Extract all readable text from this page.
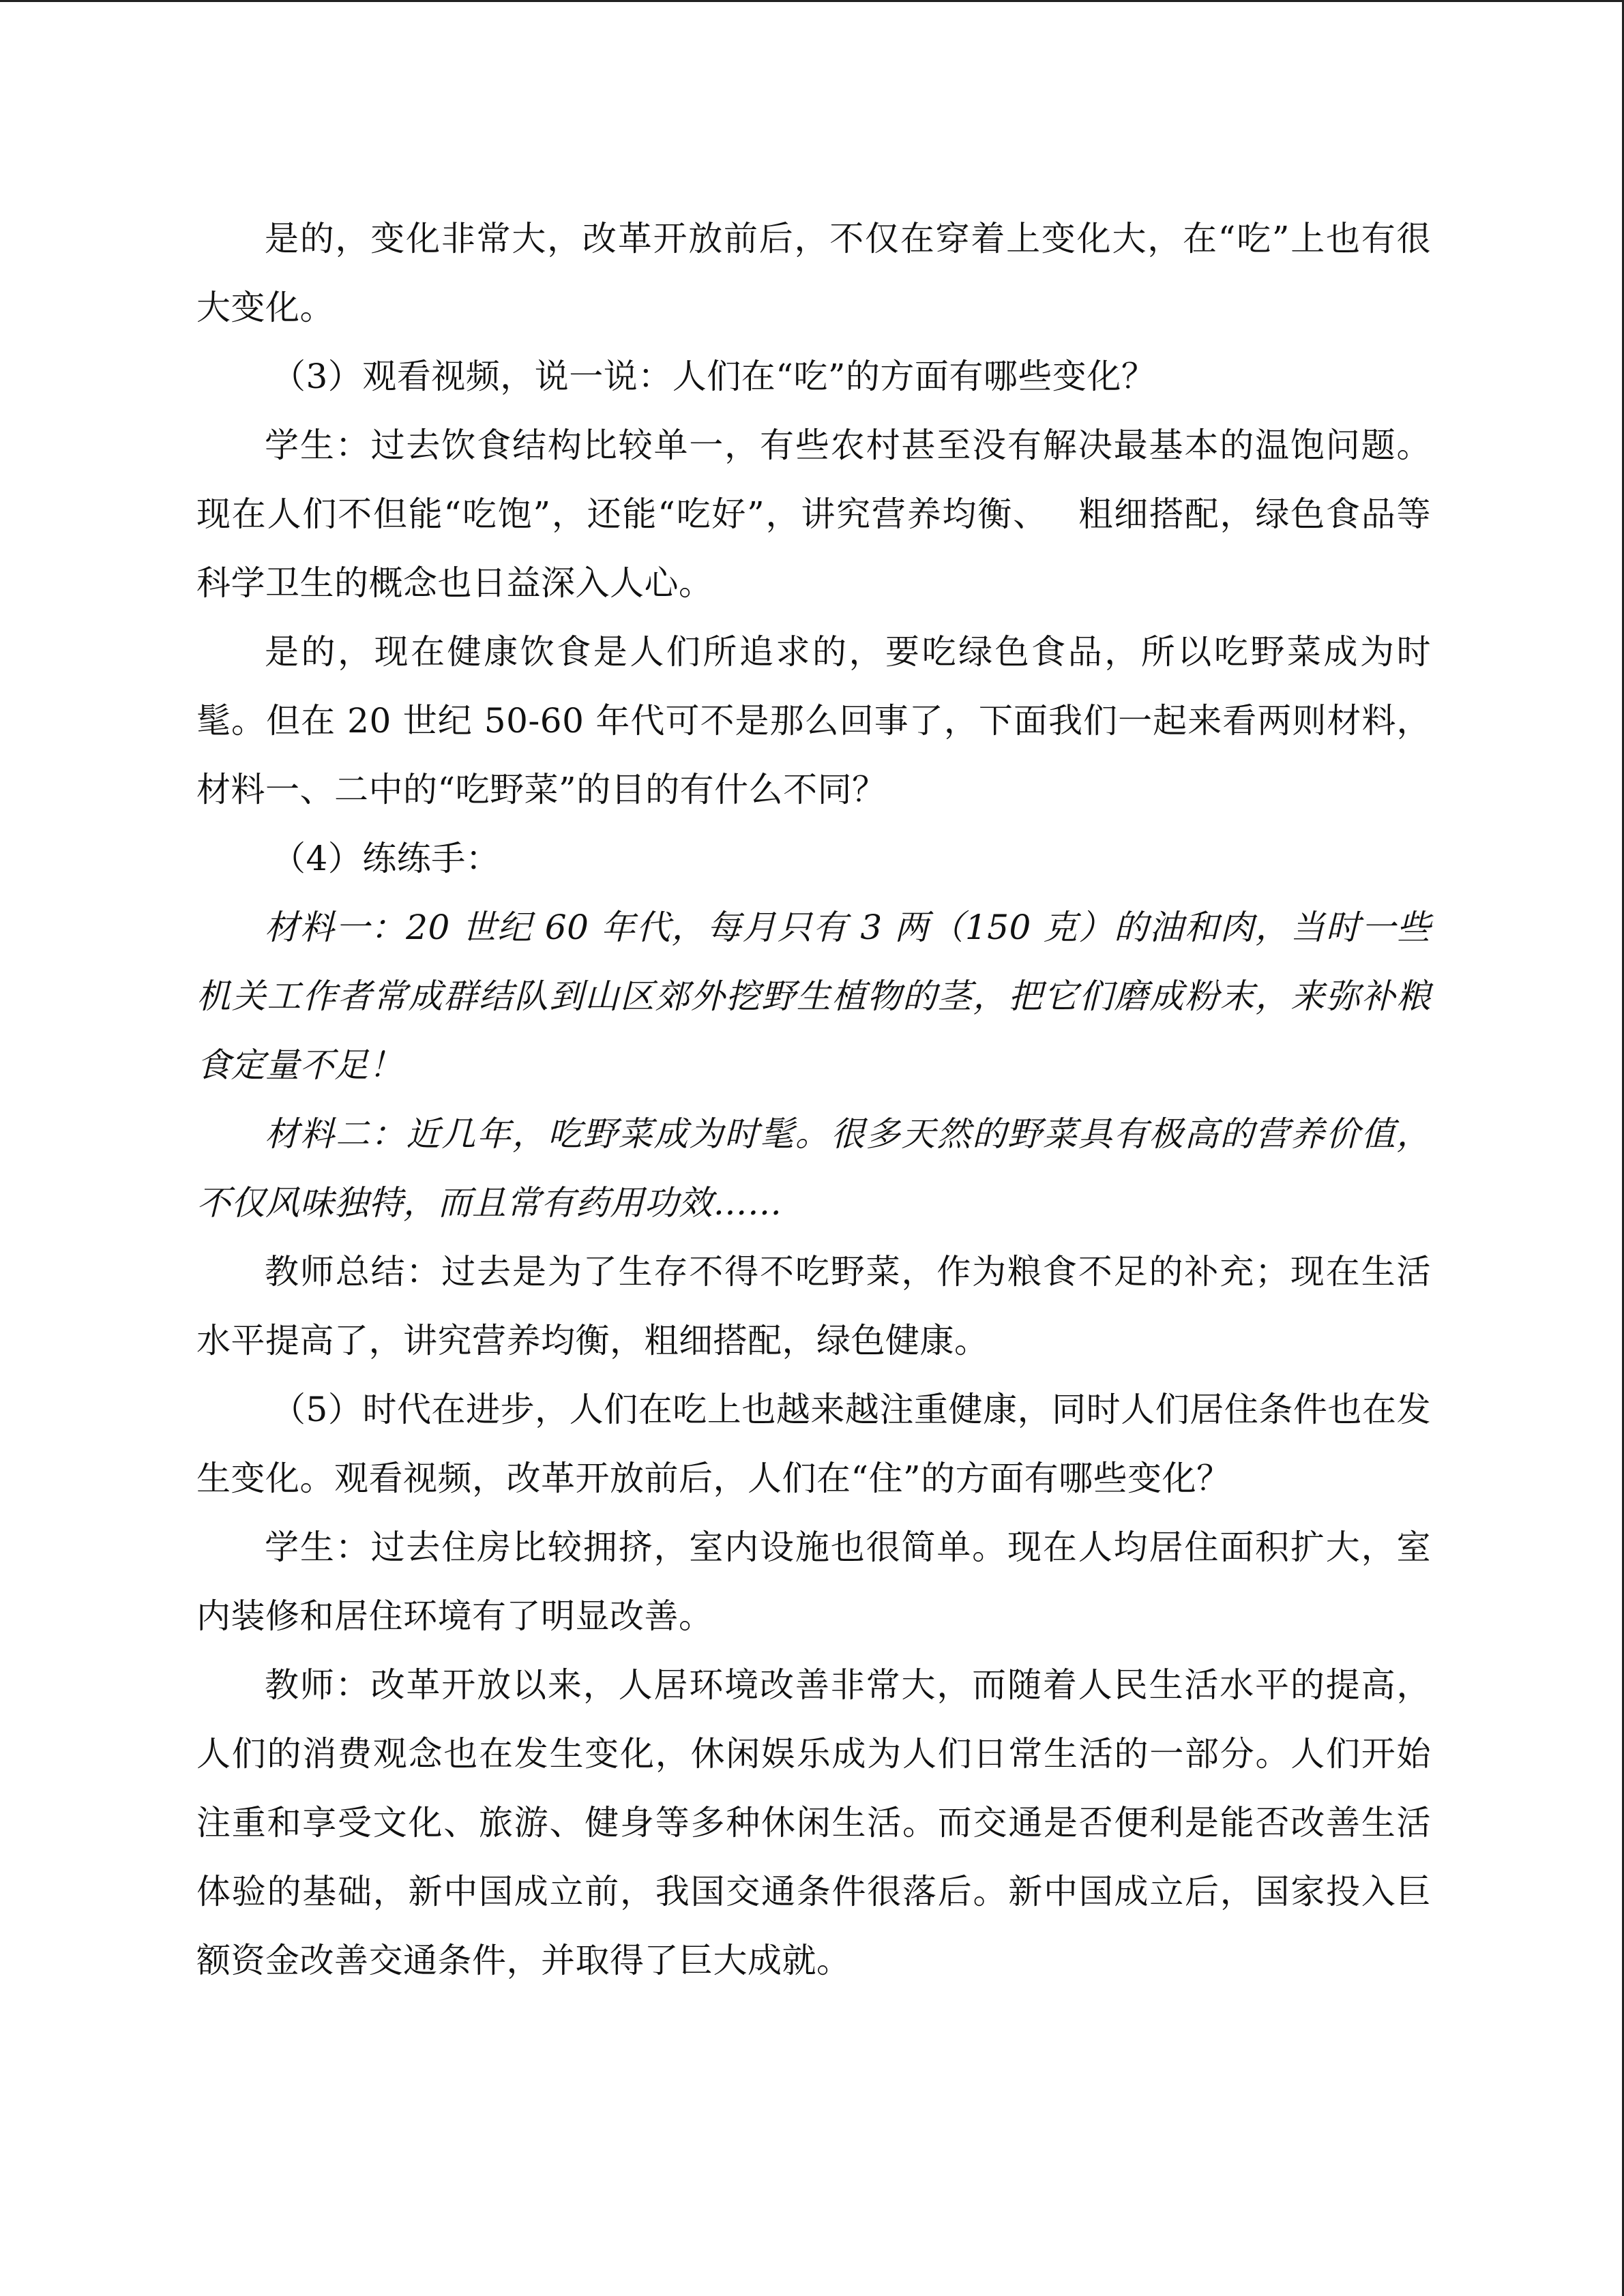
是的，变化非常大，改革开放前后，不仅在穿着上变化大，在“吃”上也有很大变化。

（3）观看视频，说一说：人们在“吃”的方面有哪些变化？

学生：过去饮食结构比较单一，有些农村甚至没有解决最基本的温饱问题。现在人们不但能“吃饱”，还能“吃好”，讲究营养均衡、　 粗细搭配，绿色食品等科学卫生的概念也日益深入人心。

是的，现在健康饮食是人们所追求的，要吃绿色食品，所以吃野菜成为时髦。但在 20 世纪 50-60 年代可不是那么回事了，下面我们一起来看两则材料，材料一、二中的“吃野菜”的目的有什么不同？

（4）练练手：

材料一：20 世纪 60 年代，每月只有 3 两（150 克）的油和肉，当时一些机关工作者常成群结队到山区郊外挖野生植物的茎，把它们磨成粉末，来弥补粮食定量不足！

材料二：近几年，吃野菜成为时髦。很多天然的野菜具有极高的营养价值，不仅风味独特，而且常有药用功效……

教师总结：过去是为了生存不得不吃野菜，作为粮食不足的补充；现在生活水平提高了，讲究营养均衡，粗细搭配，绿色健康。

（5）时代在进步，人们在吃上也越来越注重健康，同时人们居住条件也在发生变化。观看视频，改革开放前后，人们在“住”的方面有哪些变化？

学生：过去住房比较拥挤，室内设施也很简单。现在人均居住面积扩大，室内装修和居住环境有了明显改善。

教师：改革开放以来，人居环境改善非常大，而随着人民生活水平的提高，人们的消费观念也在发生变化，休闲娱乐成为人们日常生活的一部分。人们开始注重和享受文化、旅游、健身等多种休闲生活。而交通是否便利是能否改善生活体验的基础，新中国成立前，我国交通条件很落后。新中国成立后，国家投入巨额资金改善交通条件，并取得了巨大成就。
